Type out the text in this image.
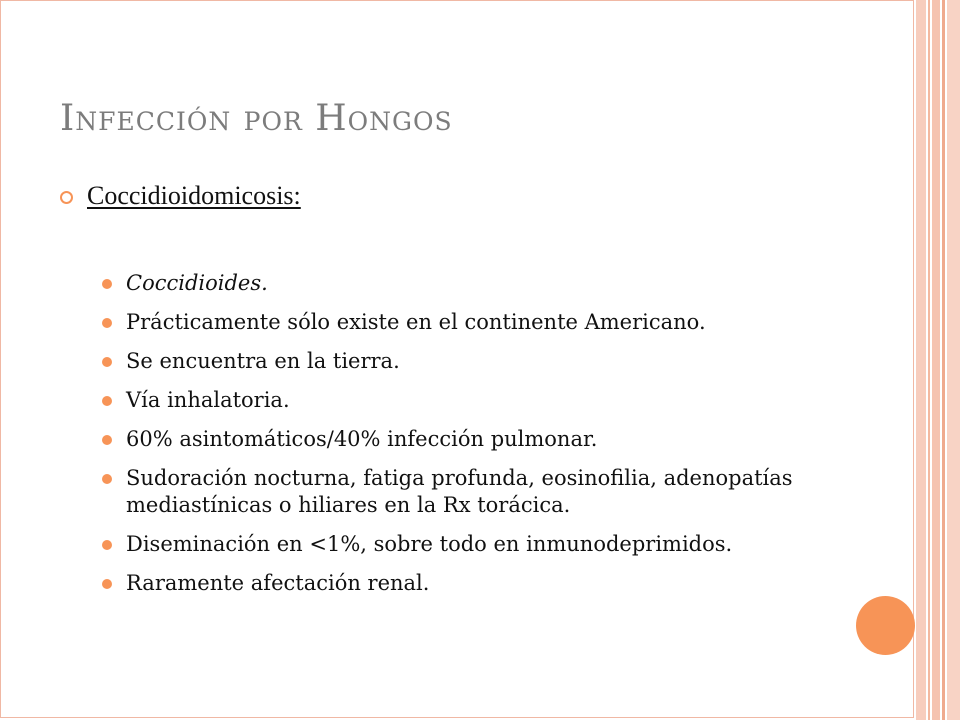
Infección por Hongos
Coccidioidomicosis:
Coccidioides.
Prácticamente sólo existe en el continente Americano.
Se encuentra en la tierra.
Vía inhalatoria.
60% asintomáticos/40% infección pulmonar.
Sudoración nocturna, fatiga profunda, eosinofilia, adenopatías mediastínicas o hiliares en la Rx torácica.
Diseminación en <1%, sobre todo en inmunodeprimidos.
Raramente afectación renal.
